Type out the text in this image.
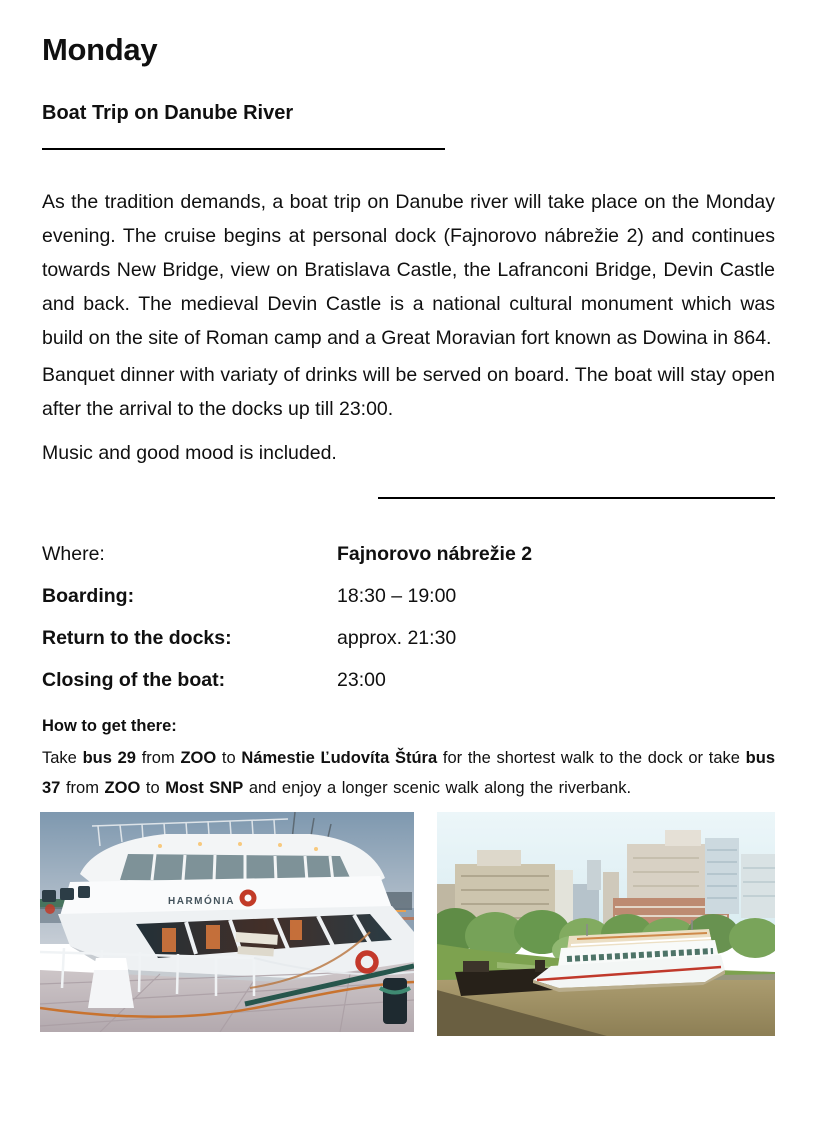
Monday
Boat Trip on Danube River

As the tradition demands, a boat trip on Danube river will take place on the Monday evening. The cruise begins at personal dock (Fajnorovo nábrežie 2) and continues towards New Bridge, view on Bratislava Castle, the Lafranconi Bridge, Devin Castle and back. The medieval Devin Castle is a national cultural monument which was build on the site of Roman camp and a Great Moravian fort known as Dowina in 864.

Banquet dinner with variaty of drinks will be served on board. The boat will stay open after the arrival to the docks up till 23:00.

Music and good mood is included.

Where:	Fajnorovo nábrežie 2
Boarding:	18:30 – 19:00
Return to the docks:	approx. 21:30
Closing of the boat:	23:00
How to get there:

Take bus 29 from ZOO to Námestie Ľudovíta Štúra for the shortest walk to the dock or take bus 37 from ZOO to Most SNP and enjoy a longer scenic walk along the riverbank.

HARMÓNIA
